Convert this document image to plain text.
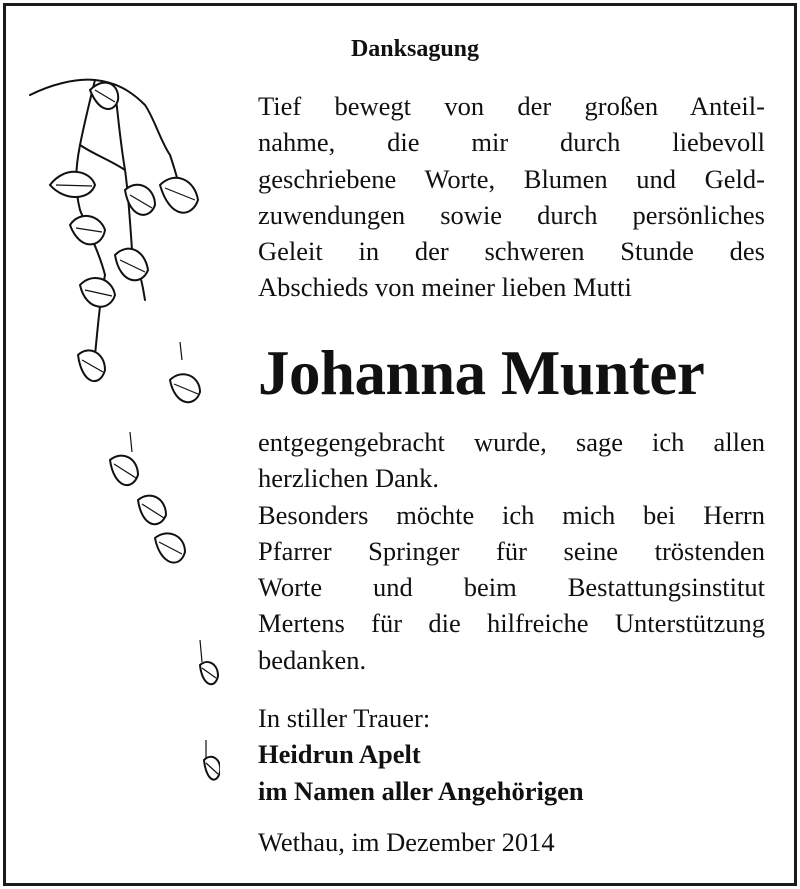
Danksagung
Tief bewegt von der großen Anteil-
nahme, die mir durch liebevoll
geschriebene Worte, Blumen und Geld-
zuwendungen sowie durch persönliches
Geleit in der schweren Stunde des
Abschieds von meiner lieben Mutti
Johanna Munter
entgegengebracht wurde, sage ich allen
herzlichen Dank.
Besonders möchte ich mich bei Herrn
Pfarrer Springer für seine tröstenden
Worte und beim Bestattungsinstitut
Mertens für die hilfreiche Unterstützung
bedanken.
In stiller Trauer:
Heidrun Apelt
im Namen aller Angehörigen
Wethau, im Dezember 2014
